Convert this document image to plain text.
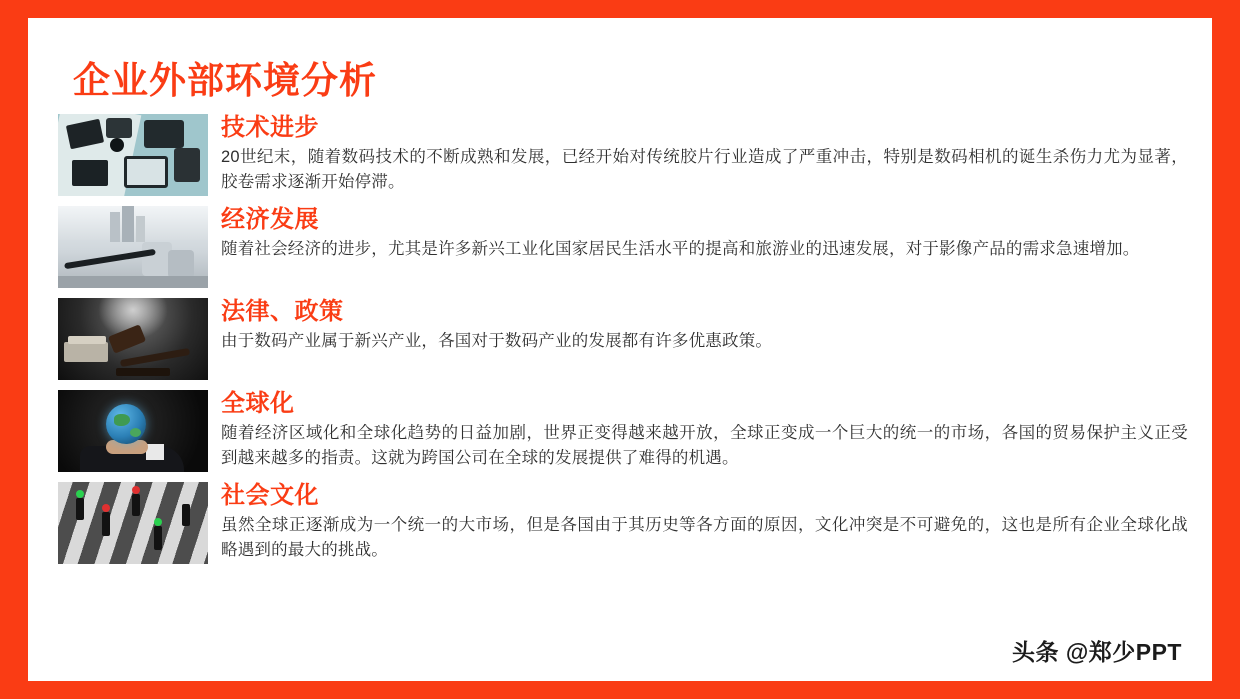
企业外部环境分析
技术进步
20世纪末，随着数码技术的不断成熟和发展，已经开始对传统胶片行业造成了严重冲击，特别是数码相机的诞生杀伤力尤为显著，胶卷需求逐渐开始停滞。
经济发展
随着社会经济的进步，尤其是许多新兴工业化国家居民生活水平的提高和旅游业的迅速发展，对于影像产品的需求急速增加。
法律、政策
由于数码产业属于新兴产业，各国对于数码产业的发展都有许多优惠政策。
全球化
随着经济区域化和全球化趋势的日益加剧，世界正变得越来越开放，全球正变成一个巨大的统一的市场，各国的贸易保护主义正受到越来越多的指责。这就为跨国公司在全球的发展提供了难得的机遇。
社会文化
虽然全球正逐渐成为一个统一的大市场，但是各国由于其历史等各方面的原因，文化冲突是不可避免的，这也是所有企业全球化战略遇到的最大的挑战。
头条 @郑少PPT
